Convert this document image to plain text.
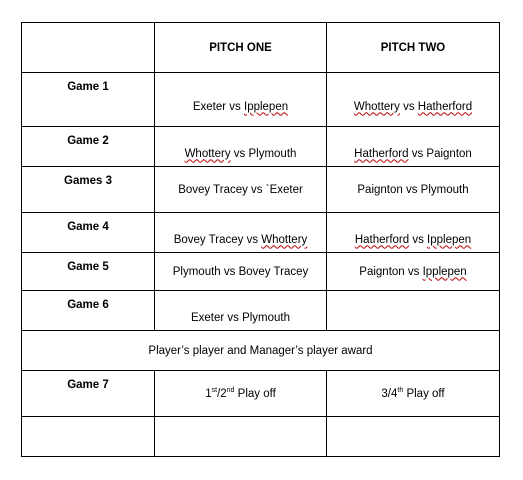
	PITCH ONE	PITCH TWO
Game 1	Exeter vs Ipplepen	Whottery vs Hatherford
Game 2	Whottery vs Plymouth	Hatherford vs Paignton
Games 3	Bovey Tracey vs `Exeter	Paignton vs Plymouth
Game 4	Bovey Tracey vs Whottery	Hatherford vs Ipplepen
Game 5	Plymouth vs Bovey Tracey	Paignton vs Ipplepen
Game 6	Exeter vs Plymouth	
Player’s player and Manager’s player award		
Game 7	1st/2nd Play off	3/4th Play off
